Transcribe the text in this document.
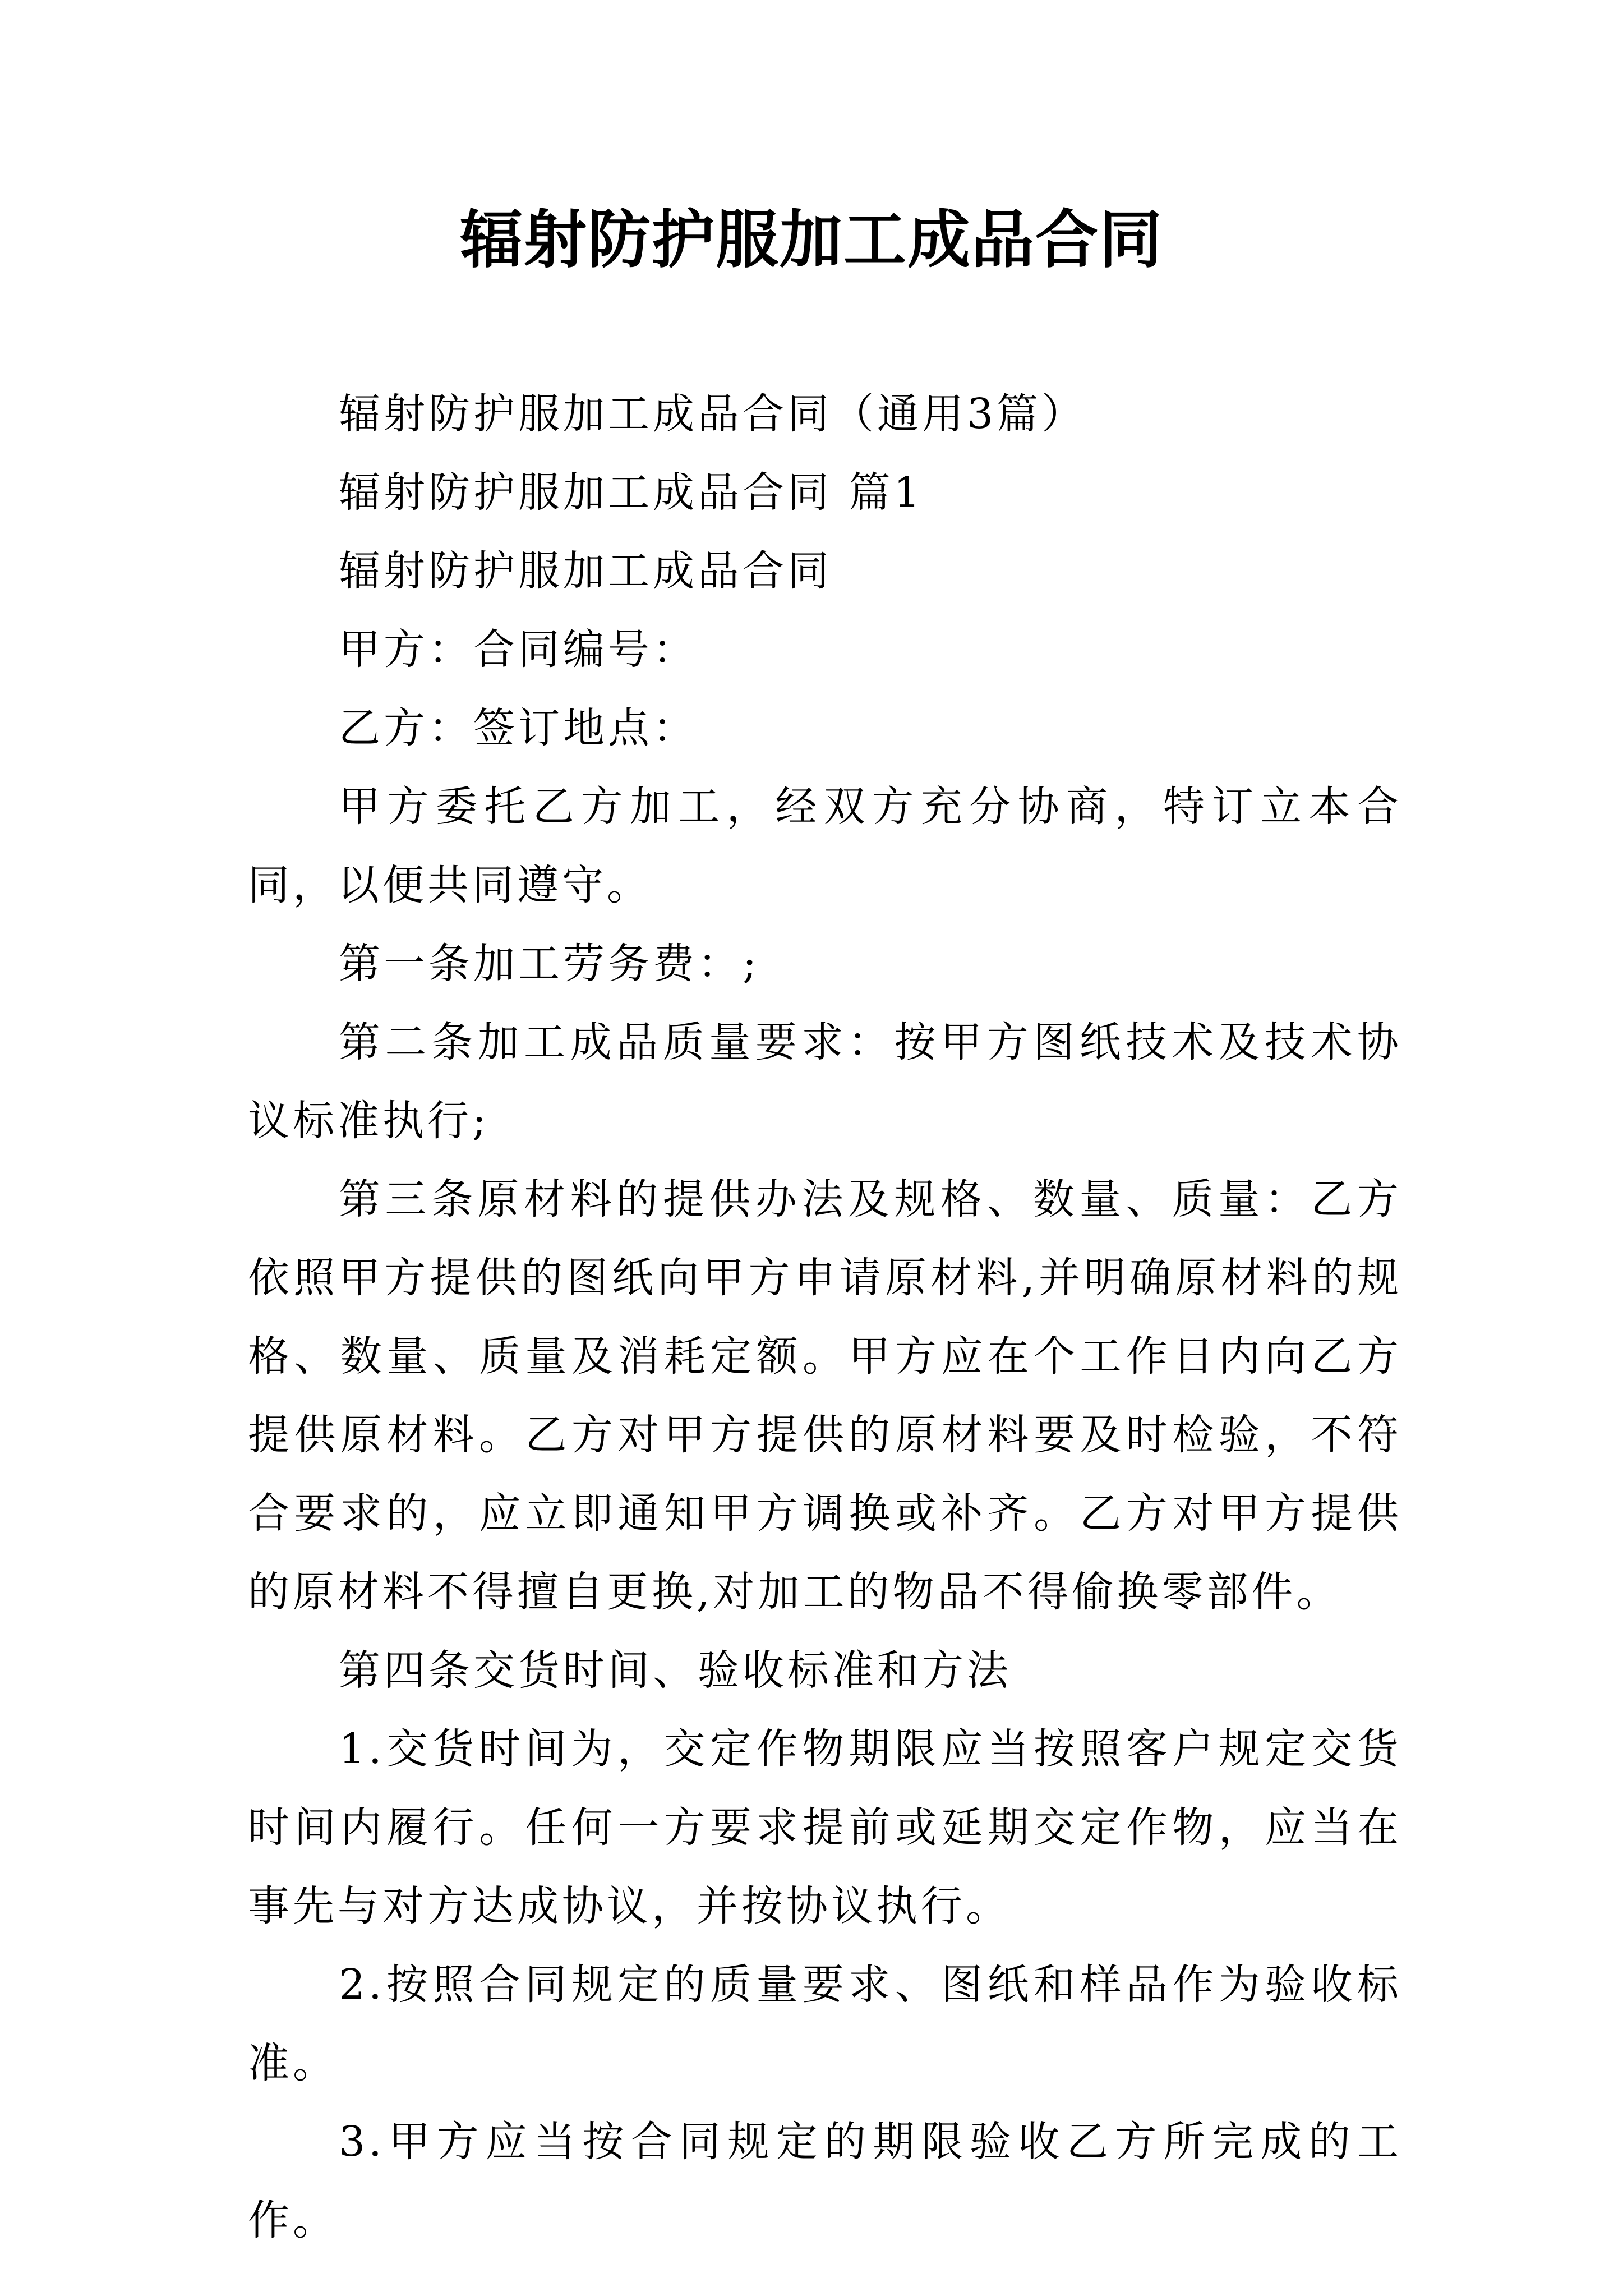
辐射防护服加工成品合同

辐射防护服加工成品合同（通用3篇）

辐射防护服加工成品合同 篇1

辐射防护服加工成品合同

甲方：合同编号：

乙方：签订地点：

甲方委托乙方加工，经双方充分协商，特订立本合同，以便共同遵守。

第一条加工劳务费：;

第二条加工成品质量要求：按甲方图纸技术及技术协议标准执行;

第三条原材料的提供办法及规格、数量、质量：乙方依照甲方提供的图纸向甲方申请原材料,并明确原材料的规格、数量、质量及消耗定额。甲方应在个工作日内向乙方提供原材料。乙方对甲方提供的原材料要及时检验，不符合要求的，应立即通知甲方调换或补齐。乙方对甲方提供的原材料不得擅自更换,对加工的物品不得偷换零部件。

第四条交货时间、验收标准和方法

1.交货时间为，交定作物期限应当按照客户规定交货时间内履行。任何一方要求提前或延期交定作物，应当在事先与对方达成协议，并按协议执行。

2.按照合同规定的质量要求、图纸和样品作为验收标准。

3.甲方应当按合同规定的期限验收乙方所完成的工作。
